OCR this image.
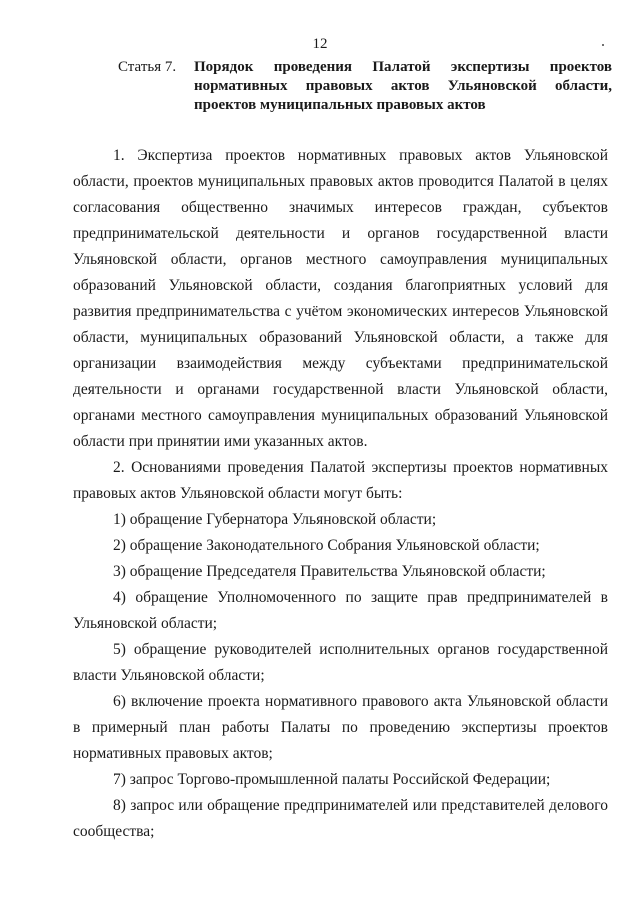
12
Статья 7.	Порядок проведения Палатой экспертизы проектов нормативных правовых актов Ульяновской области, проектов муниципальных правовых актов

1. Экспертиза проектов нормативных правовых актов Ульяновской области, проектов муниципальных правовых актов проводится Палатой в целях согласования общественно значимых интересов граждан, субъектов предпринимательской деятельности и органов государственной власти Ульяновской области, органов местного самоуправления муниципальных образований Ульяновской области, создания благоприятных условий для развития предпринимательства с учётом экономических интересов Ульяновской области, муниципальных образований Ульяновской области, а также для организации взаимодействия между субъектами предпринимательской деятельности и органами государственной власти Ульяновской области, органами местного самоуправления муниципальных образований Ульяновской области при принятии ими указанных актов.

2. Основаниями проведения Палатой экспертизы проектов нормативных правовых актов Ульяновской области могут быть:

1) обращение Губернатора Ульяновской области;

2) обращение Законодательного Собрания Ульяновской области;

3) обращение Председателя Правительства Ульяновской области;

4) обращение Уполномоченного по защите прав предпринимателей в Ульяновской области;

5) обращение руководителей исполнительных органов государственной власти Ульяновской области;

6) включение проекта нормативного правового акта Ульяновской области в примерный план работы Палаты по проведению экспертизы проектов нормативных правовых актов;

7) запрос Торгово-промышленной палаты Российской Федерации;

8) запрос или обращение предпринимателей или представителей делового сообщества;
